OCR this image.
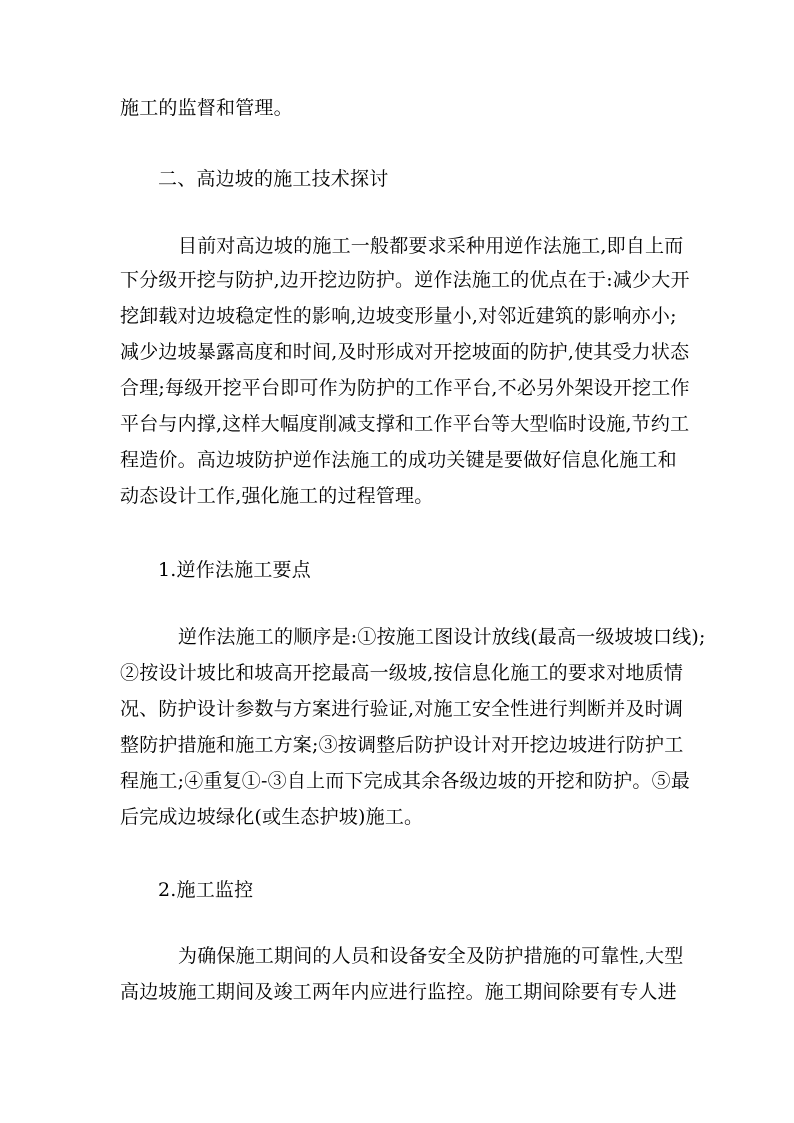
施工的监督和管理。
二、高边坡的施工技术探讨
目前对高边坡的施工一般都要求采种用逆作法施工,即自上而
下分级开挖与防护,边开挖边防护。逆作法施工的优点在于:减少大开
挖卸载对边坡稳定性的影响,边坡变形量小,对邻近建筑的影响亦小;
减少边坡暴露高度和时间,及时形成对开挖坡面的防护,使其受力状态
合理;每级开挖平台即可作为防护的工作平台,不必另外架设开挖工作
平台与内撑,这样大幅度削减支撑和工作平台等大型临时设施,节约工
程造价。高边坡防护逆作法施工的成功关键是要做好信息化施工和
动态设计工作,强化施工的过程管理。
1.逆作法施工要点
逆作法施工的顺序是:①按施工图设计放线(最高一级坡坡口线);
②按设计坡比和坡高开挖最高一级坡,按信息化施工的要求对地质情
况、防护设计参数与方案进行验证,对施工安全性进行判断并及时调
整防护措施和施工方案;③按调整后防护设计对开挖边坡进行防护工
程施工;④重复①-③自上而下完成其余各级边坡的开挖和防护。⑤最
后完成边坡绿化(或生态护坡)施工。
2.施工监控
为确保施工期间的人员和设备安全及防护措施的可靠性,大型
高边坡施工期间及竣工两年内应进行监控。施工期间除要有专人进
